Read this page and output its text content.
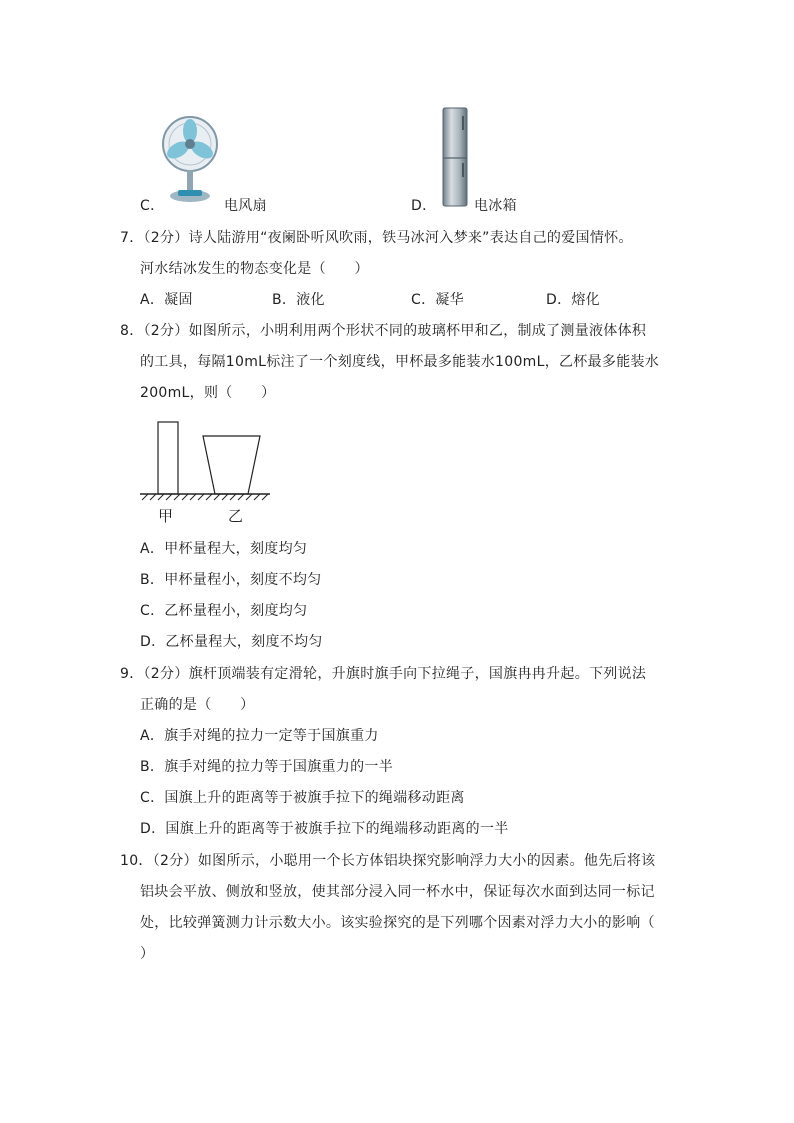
C．	电风扇	D．	电冰箱
7．（2分）诗人陆游用“夜阑卧听风吹雨，铁马冰河入梦来”表达自己的爱国情怀。
河水结冰发生的物态变化是（　　）
A．凝固	B．液化	C．凝华	D．熔化
8．（2分）如图所示，小明利用两个形状不同的玻璃杯甲和乙，制成了测量液体体积
的工具，每隔10mL标注了一个刻度线，甲杯最多能装水100mL，乙杯最多能装水
200mL，则（　　）
甲	乙
A．甲杯量程大，刻度均匀
B．甲杯量程小，刻度不均匀
C．乙杯量程小，刻度均匀
D．乙杯量程大，刻度不均匀
9．（2分）旗杆顶端装有定滑轮，升旗时旗手向下拉绳子，国旗冉冉升起。下列说法
正确的是（　　）
A．旗手对绳的拉力一定等于国旗重力
B．旗手对绳的拉力等于国旗重力的一半
C．国旗上升的距离等于被旗手拉下的绳端移动距离
D．国旗上升的距离等于被旗手拉下的绳端移动距离的一半
10．（2分）如图所示，小聪用一个长方体铝块探究影响浮力大小的因素。他先后将该
铝块会平放、侧放和竖放，使其部分浸入同一杯水中，保证每次水面到达同一标记
处，比较弹簧测力计示数大小。该实验探究的是下列哪个因素对浮力大小的影响（
）
